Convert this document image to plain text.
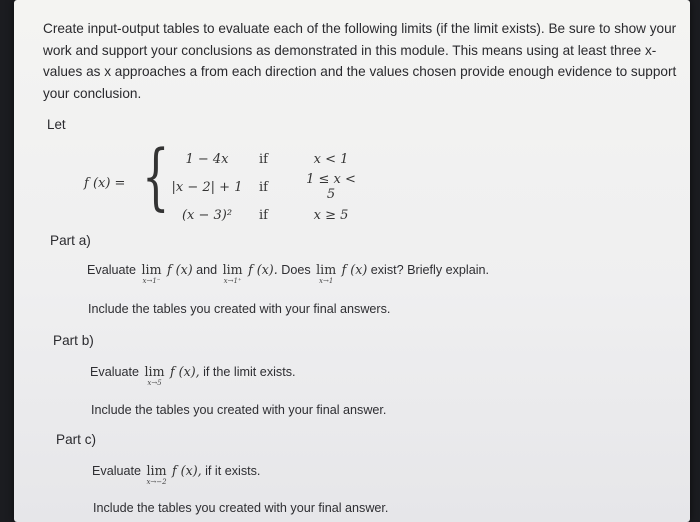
Create input-output tables to evaluate each of the following limits (if the limit exists). Be sure to show your work and support your conclusions as demonstrated in this module. This means using at least three x-values as x approaches a from each direction and the values chosen provide enough evidence to support your conclusion.
Let
f (x) = { 1 − 4x	if	x < 1
|x − 2| + 1	if	1 ≤ x < 5
(x − 3)²	if	x ≥ 5
Part a)
Evaluate lim
x→1⁻
f (x) and lim
x→1⁺
f (x). Does lim
x→1
f (x) exist? Briefly explain.
Include the tables you created with your final answers.
Part b)
Evaluate lim
x→5
f (x), if the limit exists.
Include the tables you created with your final answer.
Part c)
Evaluate lim
x→−2
f (x), if it exists.
Include the tables you created with your final answer.
